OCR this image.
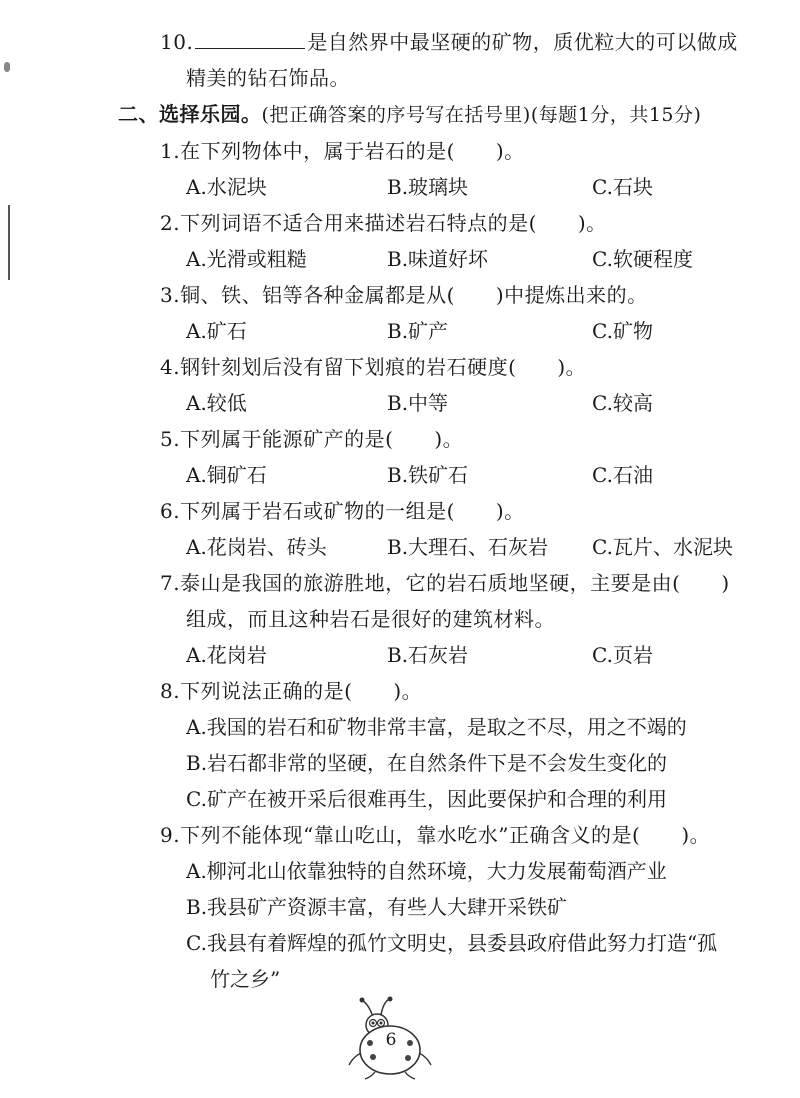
10.	是自然界中最坚硬的矿物，质优粒大的可以做成
精美的钻石饰品。
二、选择乐园。(把正确答案的序号写在括号里)(每题1分，共15分)
1.在下列物体中，属于岩石的是(　　)。
A.水泥块	B.玻璃块	C.石块
2.下列词语不适合用来描述岩石特点的是(　　)。
A.光滑或粗糙	B.味道好坏	C.软硬程度
3.铜、铁、铝等各种金属都是从(　　)中提炼出来的。
A.矿石	B.矿产	C.矿物
4.钢针刻划后没有留下划痕的岩石硬度(　　)。
A.较低	B.中等	C.较高
5.下列属于能源矿产的是(　　)。
A.铜矿石	B.铁矿石	C.石油
6.下列属于岩石或矿物的一组是(　　)。
A.花岗岩、砖头	B.大理石、石灰岩 C.瓦片、水泥块
7.泰山是我国的旅游胜地，它的岩石质地坚硬，主要是由(　　)
组成，而且这种岩石是很好的建筑材料。
A.花岗岩	B.石灰岩	C.页岩
8.下列说法正确的是(　　)。
A.我国的岩石和矿物非常丰富，是取之不尽，用之不竭的
B.岩石都非常的坚硬，在自然条件下是不会发生变化的
C.矿产在被开采后很难再生，因此要保护和合理的利用
9.下列不能体现“靠山吃山，靠水吃水”正确含义的是(　　)。
A.柳河北山依靠独特的自然环境，大力发展葡萄酒产业
B.我县矿产资源丰富，有些人大肆开采铁矿
C.我县有着辉煌的孤竹文明史，县委县政府借此努力打造“孤
竹之乡”
6
